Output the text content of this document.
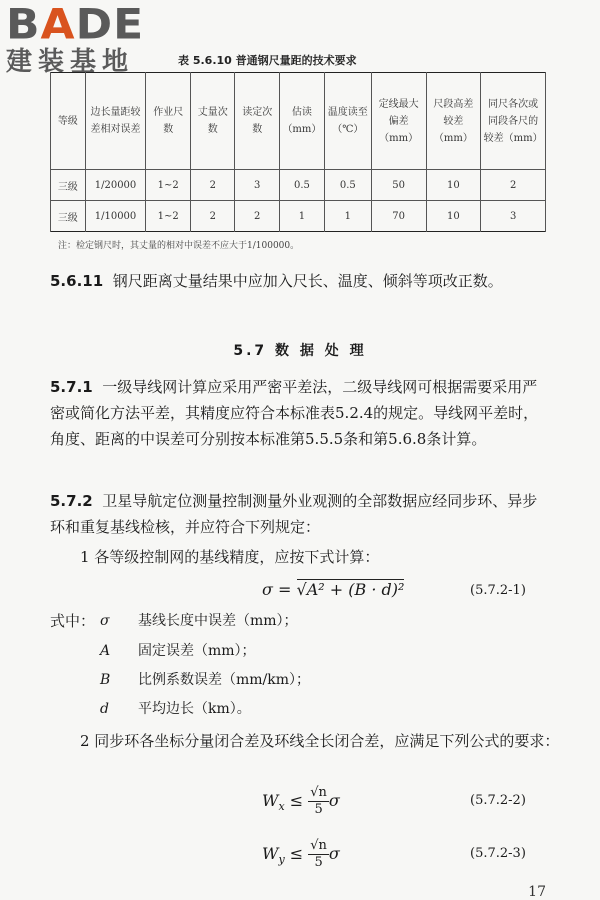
BADE
建装基地	表 5.6.10 普通钢尺量距的技术要求
等级	边长量距较差相对误差	作业尺数	丈量次数	读定次数	估读（mm）	温度读至（℃）	定线最大偏差（mm）	尺段高差较差（mm）	同尺各次或同段各尺的较差（mm）
三级	1/20000	1~2	2	3	0.5	0.5	50	10	2
三级	1/10000	1~2	2	2	1	1	70	10	3
注：检定钢尺时，其丈量的相对中误差不应大于1/100000。
5.6.11 钢尺距离丈量结果中应加入尺长、温度、倾斜等项改正数。
5.7 数 据 处 理
5.7.1 一级导线网计算应采用严密平差法，二级导线网可根据需要采用严密或简化方法平差，其精度应符合本标准表5.2.4的规定。导线网平差时，角度、距离的中误差可分别按本标准第5.5.5条和第5.6.8条计算。
5.7.2 卫星导航定位测量控制测量外业观测的全部数据应经同步环、异步环和重复基线检核，并应符合下列规定：
1 各等级控制网的基线精度，应按下式计算：
σ = √A² + (B · d)²	(5.7.2-1)
式中： σ 基线长度中误差（mm）；
A 固定误差（mm）；
B 比例系数误差（mm/km）；
d 平均边长（km）。
2 同步环各坐标分量闭合差及环线全长闭合差，应满足下列公式的要求：
$W_x \le \frac{√n}{5}$ σ	(5.7.2-2)
$W_y \le \frac{√n}{5}$ σ	(5.7.2-3)
17
